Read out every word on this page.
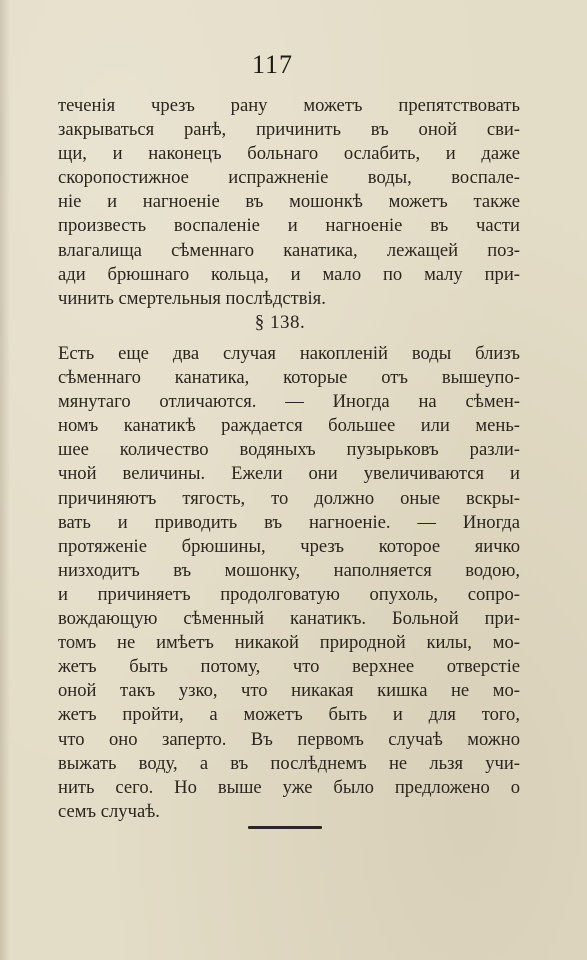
117
теченія чрезъ рану можетъ препятствовать
закрываться ранѣ, причинить въ оной сви-
щи, и наконецъ больнаго ослабить, и даже
скоропостижное испражненіе воды, воспале-
ніе и нагноеніе въ мошонкѣ можетъ также
произвесть воспаленіе и нагноеніе въ части
влагалища сѣменнаго канатика, лежащей поз-
ади брюшнаго кольца, и мало по малу при-
чинить смертельныя послѣдствія.
§ 138.
Есть еще два случая накопленій воды близъ
сѣменнаго канатика, которые отъ вышеупо-
мянутаго отличаются. — Иногда на сѣмен-
номъ канатикѣ раждается большее или мень-
шее количество водяныхъ пузырьковъ разли-
чной величины. Ежели они увеличиваются и
причиняютъ тягость, то должно оные вскры-
вать и приводить въ нагноеніе. — Иногда
протяженіе брюшины, чрезъ которое яичко
низходитъ въ мошонку, наполняется водою,
и причиняетъ продолговатую опухоль, сопро-
вождающую сѣменный канатикъ. Больной при-
томъ не имѣетъ никакой природной килы, мо-
жетъ быть потому, что верхнее отверстіе
оной такъ узко, что никакая кишка не мо-
жетъ пройти, а можетъ быть и для того,
что оно заперто. Въ первомъ случаѣ можно
выжать воду, а въ послѣднемъ не льзя учи-
нить сего. Но выше уже было предложено о
семъ случаѣ.
